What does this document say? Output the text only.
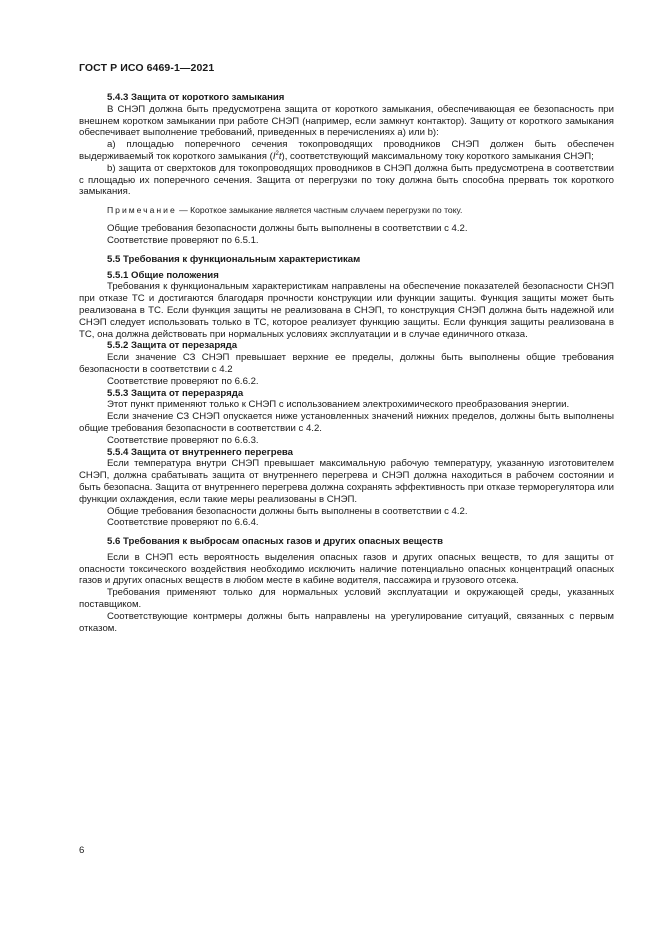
ГОСТ Р ИСО 6469-1—2021
5.4.3 Защита от короткого замыкания

В СНЭП должна быть предусмотрена защита от короткого замыкания, обеспечивающая ее безопасность при внешнем коротком замыкании при работе СНЭП (например, если замкнут контактор). Защиту от короткого замыкания обеспечивает выполнение требований, приведенных в перечислениях а) или b):

а) площадью поперечного сечения токопроводящих проводников СНЭП должен быть обеспечен выдерживаемый ток короткого замыкания $(I^2t)$, соответствующий максимальному току короткого замыкания СНЭП;

b) защита от сверхтоков для токопроводящих проводников в СНЭП должна быть предусмотрена в соответствии с площадью их поперечного сечения. Защита от перегрузки по току должна быть способна прервать ток короткого замыкания.

Примечание — Короткое замыкание является частным случаем перегрузки по току.

Общие требования безопасности должны быть выполнены в соответствии с 4.2.

Соответствие проверяют по 6.5.1.

5.5 Требования к функциональным характеристикам
5.5.1 Общие положения

Требования к функциональным характеристикам направлены на обеспечение показателей безопасности СНЭП при отказе ТС и достигаются благодаря прочности конструкции или функции защиты. Функция защиты может быть реализована в ТС. Если функция защиты не реализована в СНЭП, то конструкция СНЭП должна быть надежной или СНЭП следует использовать только в ТС, которое реализует функцию защиты. Если функция защиты реализована в ТС, она должна действовать при нормальных условиях эксплуатации и в случае единичного отказа.

5.5.2 Защита от перезаряда

Если значение СЗ СНЭП превышает верхние ее пределы, должны быть выполнены общие требования безопасности в соответствии с 4.2

Соответствие проверяют по 6.6.2.

5.5.3 Защита от переразряда

Этот пункт применяют только к СНЭП с использованием электрохимического преобразования энергии.

Если значение СЗ СНЭП опускается ниже установленных значений нижних пределов, должны быть выполнены общие требования безопасности в соответствии с 4.2.

Соответствие проверяют по 6.6.3.

5.5.4 Защита от внутреннего перегрева

Если температура внутри СНЭП превышает максимальную рабочую температуру, указанную изготовителем СНЭП, должна срабатывать защита от внутреннего перегрева и СНЭП должна находиться в рабочем состоянии и быть безопасна. Защита от внутреннего перегрева должна сохранять эффективность при отказе терморегулятора или функции охлаждения, если такие меры реализованы в СНЭП.

Общие требования безопасности должны быть выполнены в соответствии с 4.2.

Соответствие проверяют по 6.6.4.

5.6 Требования к выбросам опасных газов и других опасных веществ

Если в СНЭП есть вероятность выделения опасных газов и других опасных веществ, то для защиты от опасности токсического воздействия необходимо исключить наличие потенциально опасных концентраций опасных газов и других опасных веществ в любом месте в кабине водителя, пассажира и грузового отсека.

Требования применяют только для нормальных условий эксплуатации и окружающей среды, указанных поставщиком.

Соответствующие контрмеры должны быть направлены на урегулирование ситуаций, связанных с первым отказом.

6
